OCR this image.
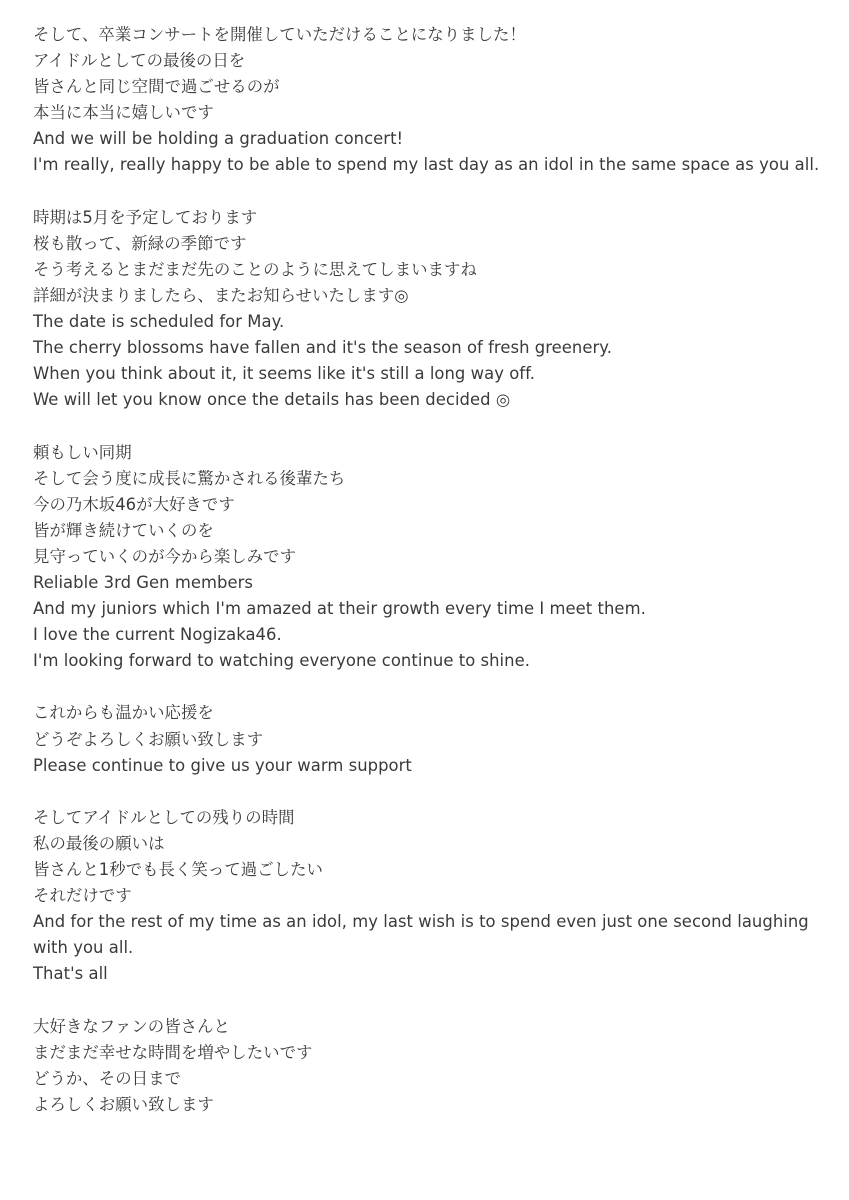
そして、卒業コンサートを開催していただけることになりました！
アイドルとしての最後の日を
皆さんと同じ空間で過ごせるのが
本当に本当に嬉しいです
And we will be holding a graduation concert!
I'm really, really happy to be able to spend my last day as an idol in the same space as you all.
時期は5月を予定しております
桜も散って、新緑の季節です
そう考えるとまだまだ先のことのように思えてしまいますね
詳細が決まりましたら、またお知らせいたします◎
The date is scheduled for May.
The cherry blossoms have fallen and it's the season of fresh greenery.
When you think about it, it seems like it's still a long way off.
We will let you know once the details has been decided ◎
頼もしい同期
そして会う度に成長に驚かされる後輩たち
今の乃木坂46が大好きです
皆が輝き続けていくのを
見守っていくのが今から楽しみです
Reliable 3rd Gen members
And my juniors which I'm amazed at their growth every time I meet them.
I love the current Nogizaka46.
I'm looking forward to watching everyone continue to shine.
これからも温かい応援を
どうぞよろしくお願い致します
Please continue to give us your warm support
そしてアイドルとしての残りの時間
私の最後の願いは
皆さんと1秒でも長く笑って過ごしたい
それだけです
And for the rest of my time as an idol, my last wish is to spend even just one second laughing
with you all.
That's all
大好きなファンの皆さんと
まだまだ幸せな時間を増やしたいです
どうか、その日まで
よろしくお願い致します
